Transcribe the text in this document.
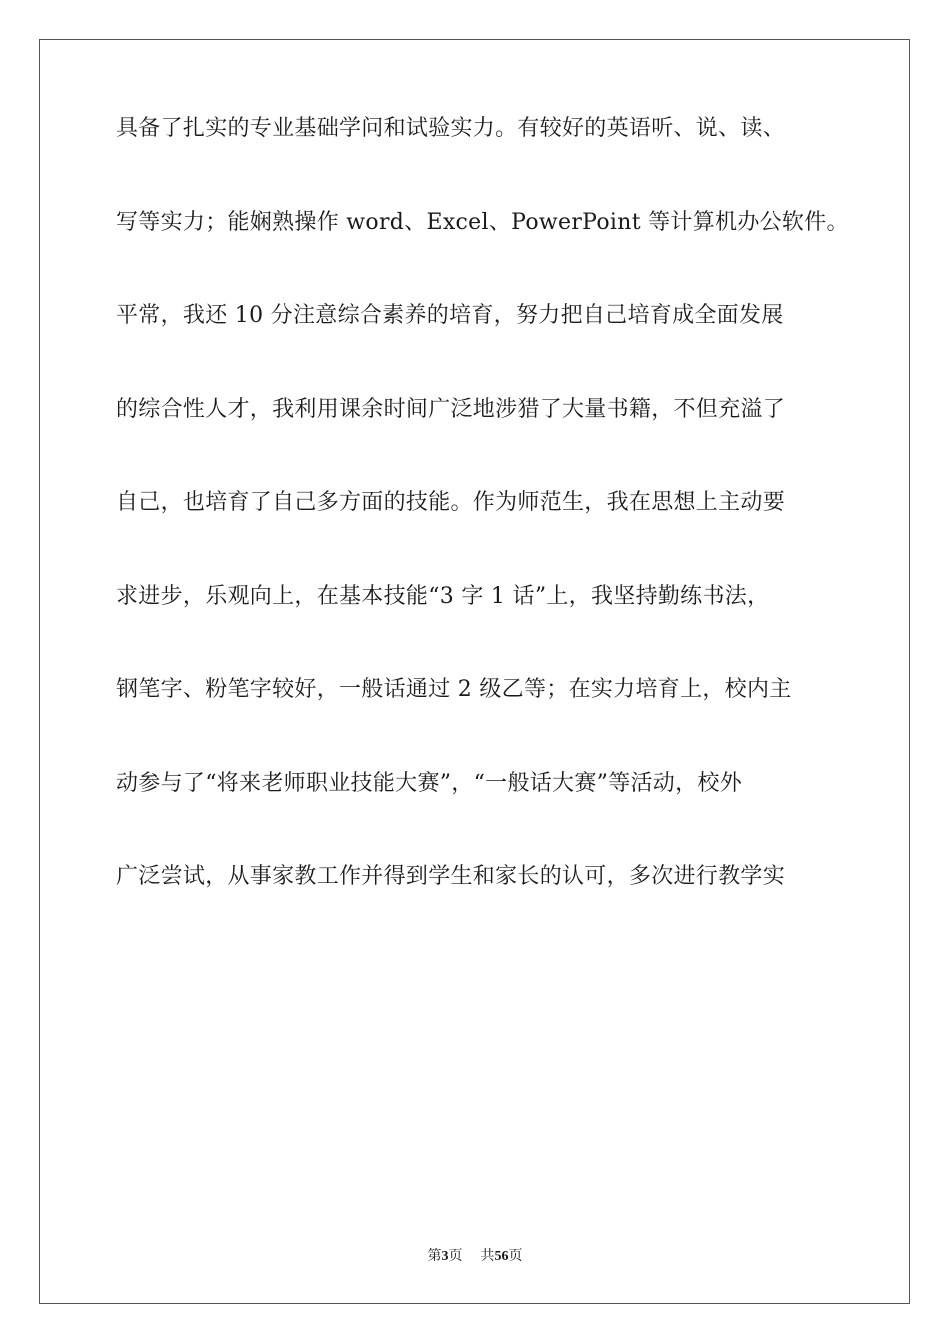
具备了扎实的专业基础学问和试验实力。有较好的英语听、说、读、
写等实力；能娴熟操作 word、Excel、PowerPoint 等计算机办公软件。
平常，我还 10 分注意综合素养的培育，努力把自己培育成全面发展
的综合性人才，我利用课余时间广泛地涉猎了大量书籍，不但充溢了
自己，也培育了自己多方面的技能。作为师范生，我在思想上主动要
求进步，乐观向上，在基本技能“3 字 1 话”上，我坚持勤练书法，
钢笔字、粉笔字较好，一般话通过 2 级乙等；在实力培育上，校内主
动参与了“将来老师职业技能大赛”，“一般话大赛”等活动，校外
广泛尝试，从事家教工作并得到学生和家长的认可，多次进行教学实
第3页 共56页
